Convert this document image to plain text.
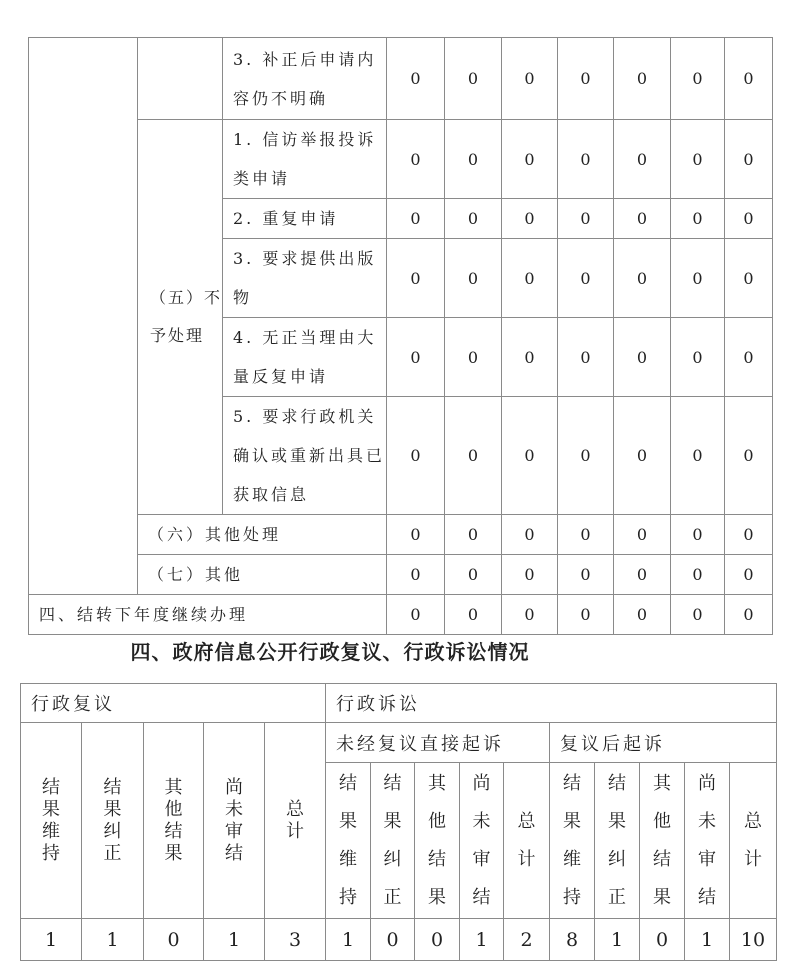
		3. 补正后申请内容仍不明确	0	0	0	0	0	0	0
	（五）不予处理	1. 信访举报投诉类申请	0	0	0	0	0	0	0
		2. 重复申请	0	0	0	0	0	0	0
		3. 要求提供出版物	0	0	0	0	0	0	0
		4. 无正当理由大量反复申请	0	0	0	0	0	0	0
		5. 要求行政机关确认或重新出具已获取信息	0	0	0	0	0	0	0
	（六）其他处理		0	0	0	0	0	0	0
	（七）其他		0	0	0	0	0	0	0
四、结转下年度继续办理			0	0	0	0	0	0	0
四、政府信息公开行政复议、行政诉讼情况
行政复议					行政诉讼									
结果维持	结果纠正	其他结果	尚未审结	总计	未经复议直接起诉					复议后起诉				
					结果维持	结果纠正	其他结果	尚未审结	总计	结果维持	结果纠正	其他结果	尚未审结	总计
1	1	0	1	3	1	0	0	1	2	8	1	0	1	10
